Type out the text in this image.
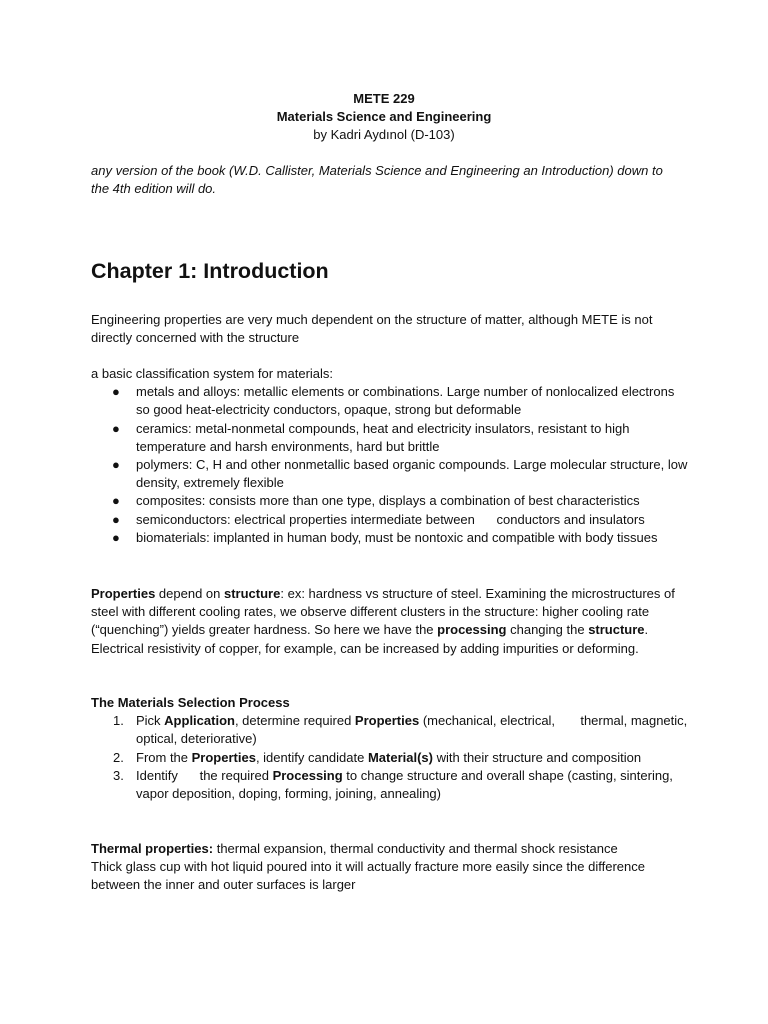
METE 229
Materials Science and Engineering
by Kadri Aydınol (D-103)
any version of the book (W.D. Callister, Materials Science and Engineering an Introduction) down to the 4th edition will do.
Chapter 1: Introduction
Engineering properties are very much dependent on the structure of matter, although METE is not directly concerned with the structure
a basic classification system for materials:
● metals and alloys: metallic elements or combinations. Large number of nonlocalized electrons so good heat-electricity conductors, opaque, strong but deformable
● ceramics: metal-nonmetal compounds, heat and electricity insulators, resistant to high temperature and harsh environments, hard but brittle
● polymers: C, H and other nonmetallic based organic compounds. Large molecular structure, low density, extremely flexible
● composites: consists more than one type, displays a combination of best characteristics
● semiconductors: electrical properties intermediate between      conductors and insulators
● biomaterials: implanted in human body, must be nontoxic and compatible with body tissues
Properties depend on structure: ex: hardness vs structure of steel. Examining the microstructures of steel with different cooling rates, we observe different clusters in the structure: higher cooling rate (“quenching”) yields greater hardness. So here we have the processing changing the structure. Electrical resistivity of copper, for example, can be increased by adding impurities or deforming.
The Materials Selection Process
1. Pick Application, determine required Properties (mechanical, electrical,       thermal, magnetic, optical, deteriorative)
2. From the Properties, identify candidate Material(s) with their structure and composition
3. Identify      the required Processing to change structure and overall shape (casting, sintering, vapor deposition, doping, forming, joining, annealing)
Thermal properties: thermal expansion, thermal conductivity and thermal shock resistance
Thick glass cup with hot liquid poured into it will actually fracture more easily since the difference between the inner and outer surfaces is larger
